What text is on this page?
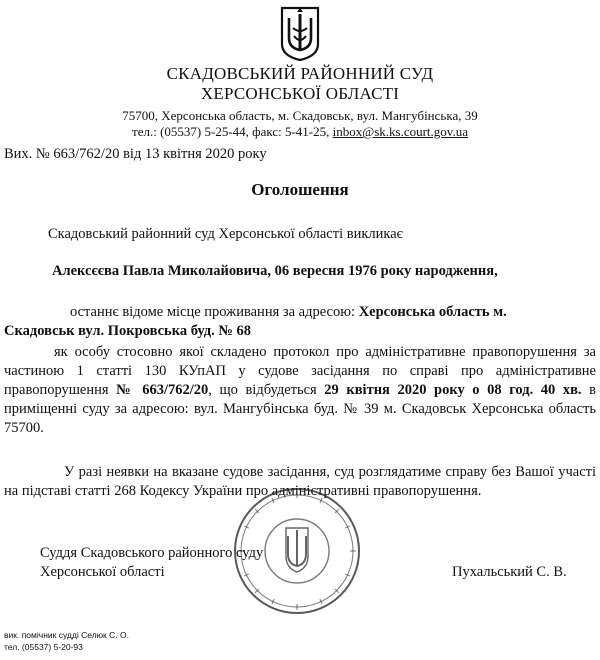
СКАДОВСЬКИЙ РАЙОННИЙ СУД
ХЕРСОНСЬКОЇ ОБЛАСТІ
75700, Херсонська область, м. Скадовськ, вул. Мангубінська, 39
тел.: (05537) 5-25-44, факс: 5-41-25, inbox@sk.ks.court.gov.ua
Вих. № 663/762/20 від 13 квітня 2020 року
Оголошення

Скадовський районний суд Херсонської області викликає

Алексєєва Павла Миколайовича, 06 вересня 1976 року народження,

останнє відоме місце проживання за адресою: Херсонська область м.

Скадовськ вул. Покровська буд. № 68

як особу стосовно якої складено протокол про адміністративне правопорушення за частиною 1 статті 130 КУпАП у судове засідання по справі про адміністративне правопорушення № 663/762/20, що відбудеться 29 квітня 2020 року о 08 год. 40 хв. в приміщенні суду за адресою: вул. Мангубінська буд. № 39 м. Скадовськ Херсонська область 75700.

У разі неявки на вказане судове засідання, суд розглядатиме справу без Вашої участі на підставі статті 268 Кодексу України про адміністративні правопорушення.

Суддя Скадовського районного суду

Херсонської області	Пухальський С. В.

вик. помічник судді Селюк С. О.
тел. (05537) 5-20-93
